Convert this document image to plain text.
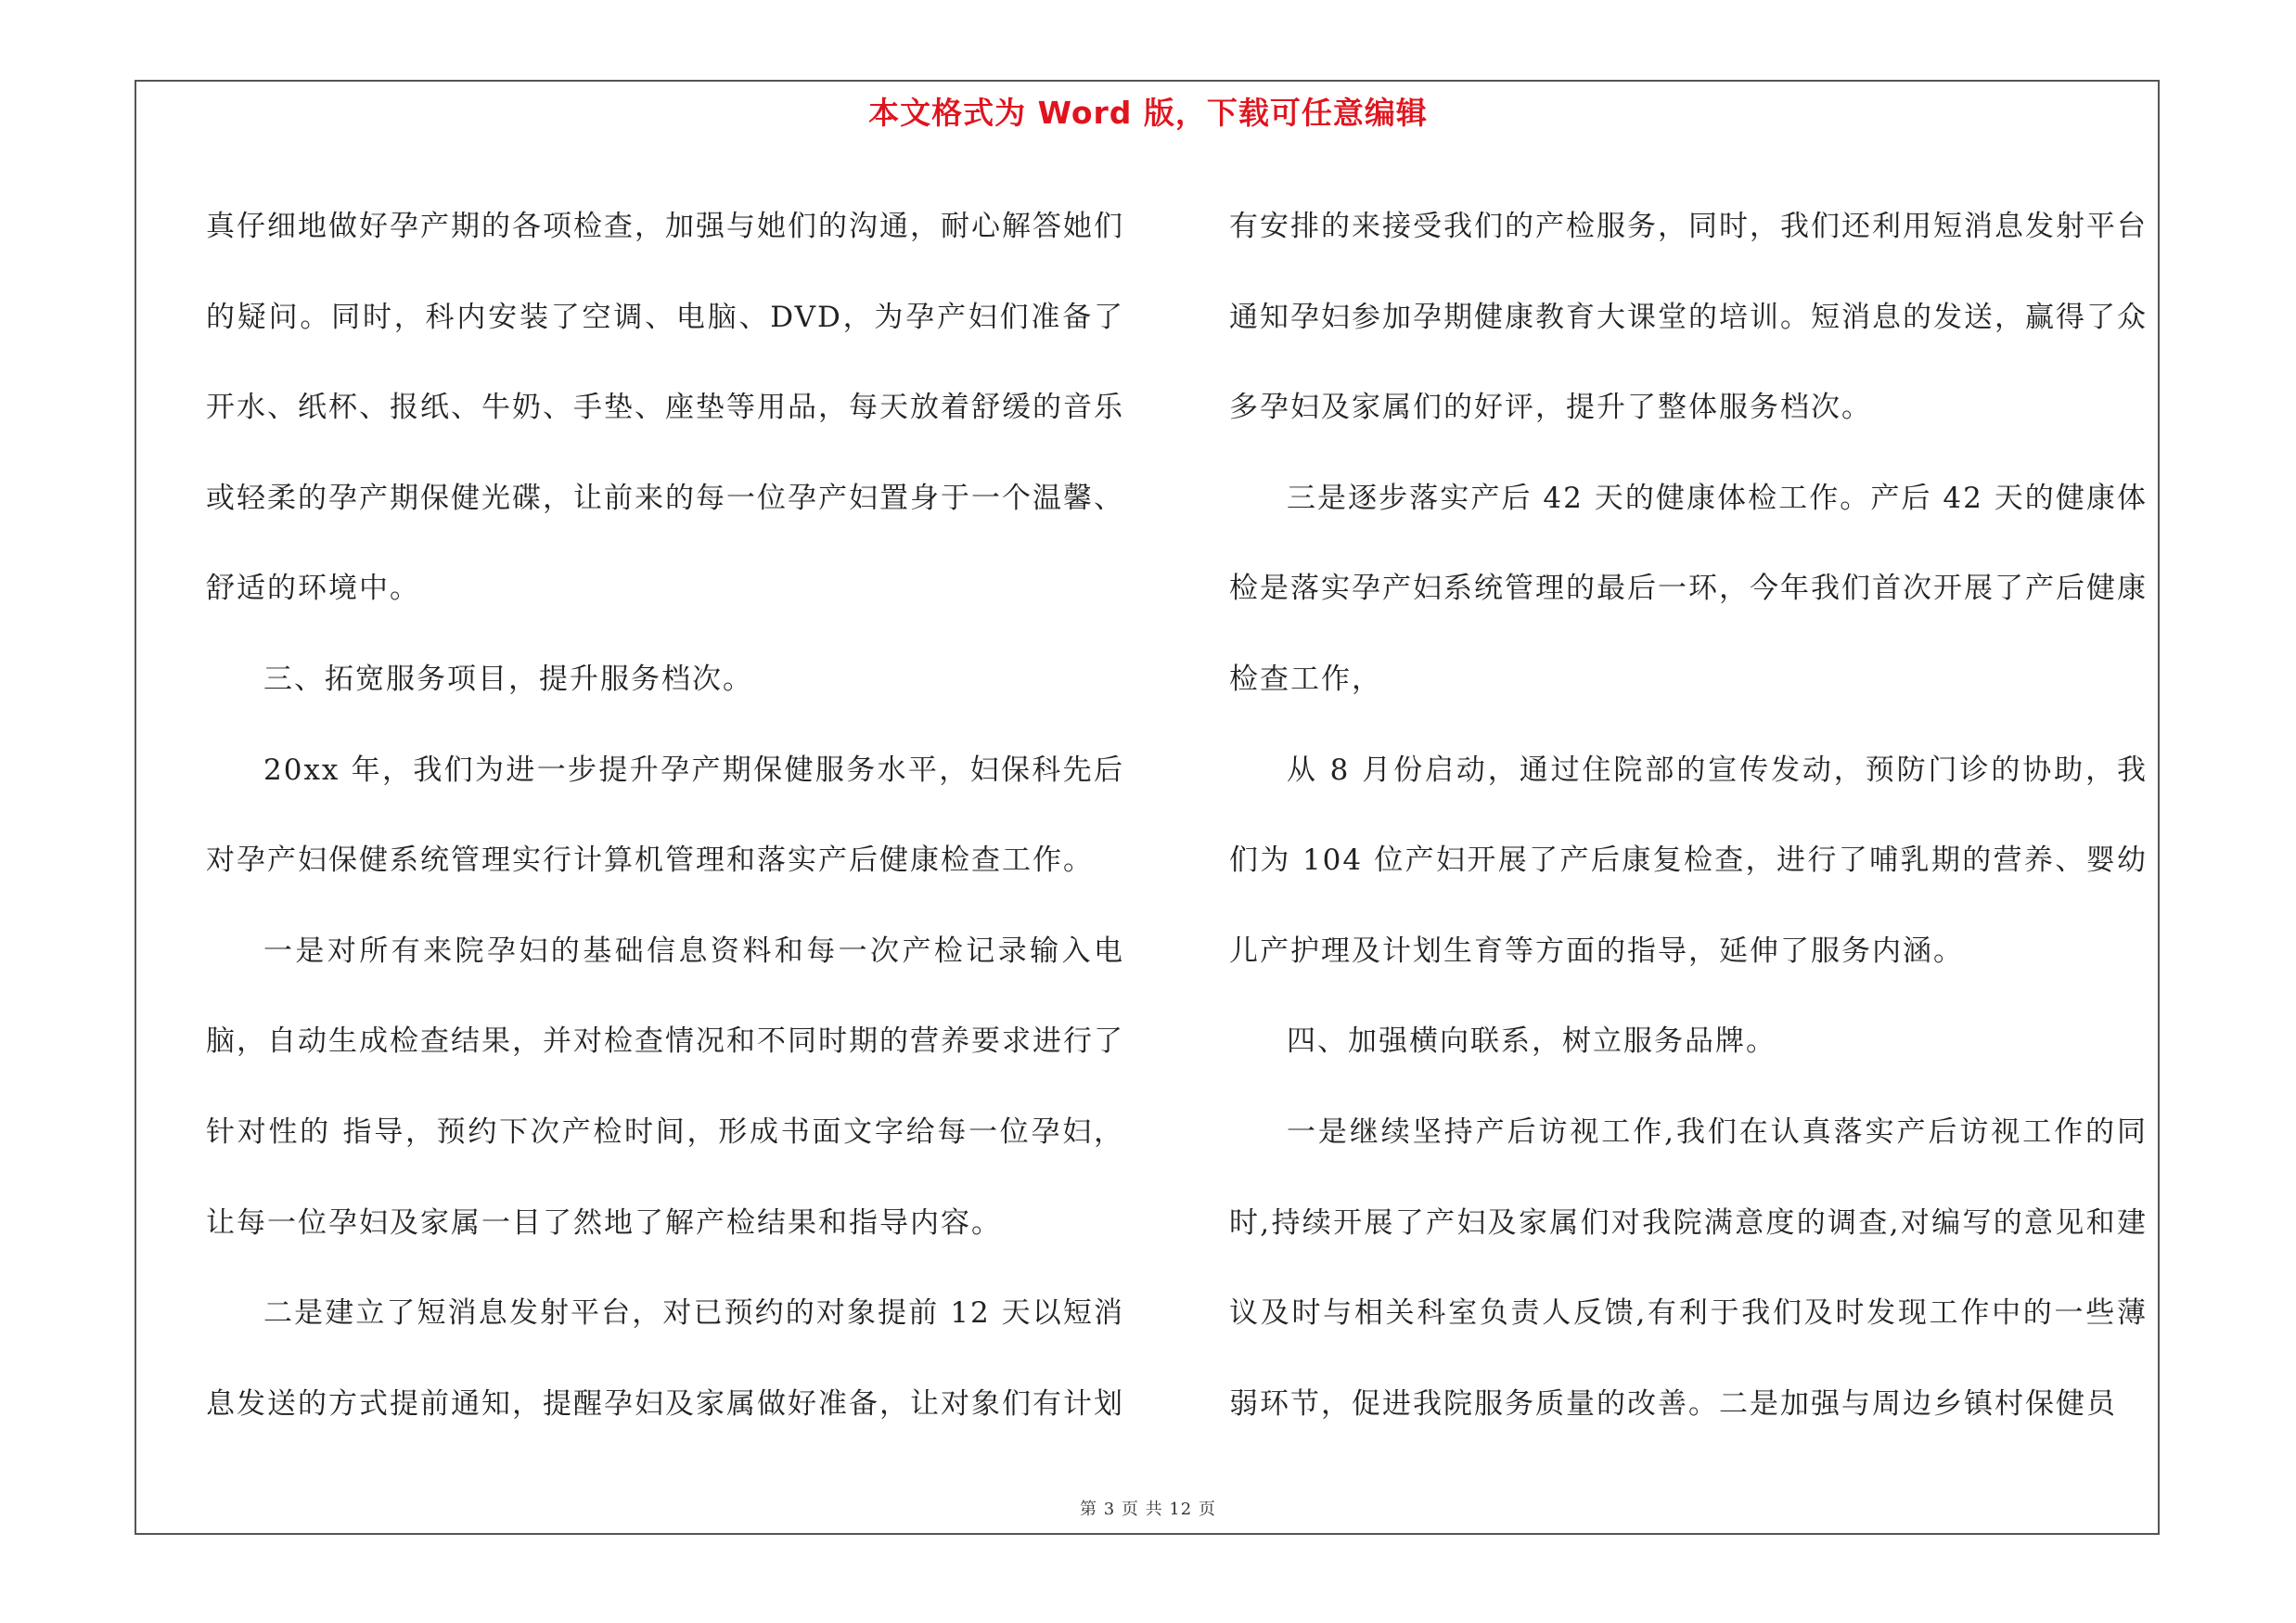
本文格式为 Word 版，下载可任意编辑

真仔细地做好孕产期的各项检查，加强与她们的沟通，耐心解答她们的疑问。同时，科内安装了空调、电脑、DVD，为孕产妇们准备了开水、纸杯、报纸、牛奶、手垫、座垫等用品，每天放着舒缓的音乐或轻柔的孕产期保健光碟，让前来的每一位孕产妇置身于一个温馨、舒适的环境中。

三、拓宽服务项目，提升服务档次。

20xx 年，我们为进一步提升孕产期保健服务水平，妇保科先后对孕产妇保健系统管理实行计算机管理和落实产后健康检查工作。

一是对所有来院孕妇的基础信息资料和每一次产检记录输入电脑，自动生成检查结果，并对检查情况和不同时期的营养要求进行了针对性的 指导，预约下次产检时间，形成书面文字给每一位孕妇，让每一位孕妇及家属一目了然地了解产检结果和指导内容。

二是建立了短消息发射平台，对已预约的对象提前 12 天以短消息发送的方式提前通知，提醒孕妇及家属做好准备，让对象们有计划

有安排的来接受我们的产检服务，同时，我们还利用短消息发射平台通知孕妇参加孕期健康教育大课堂的培训。短消息的发送，赢得了众多孕妇及家属们的好评，提升了整体服务档次。

三是逐步落实产后 42 天的健康体检工作。产后 42 天的健康体检是落实孕产妇系统管理的最后一环，今年我们首次开展了产后健康检查工作，

从 8 月份启动，通过住院部的宣传发动，预防门诊的协助，我们为 104 位产妇开展了产后康复检查，进行了哺乳期的营养、婴幼儿产护理及计划生育等方面的指导，延伸了服务内涵。

四、加强横向联系，树立服务品牌。

一是继续坚持产后访视工作,我们在认真落实产后访视工作的同时,持续开展了产妇及家属们对我院满意度的调查,对编写的意见和建议及时与相关科室负责人反馈,有利于我们及时发现工作中的一些薄弱环节，促进我院服务质量的改善。二是加强与周边乡镇村保健员

第 3 页 共 12 页
